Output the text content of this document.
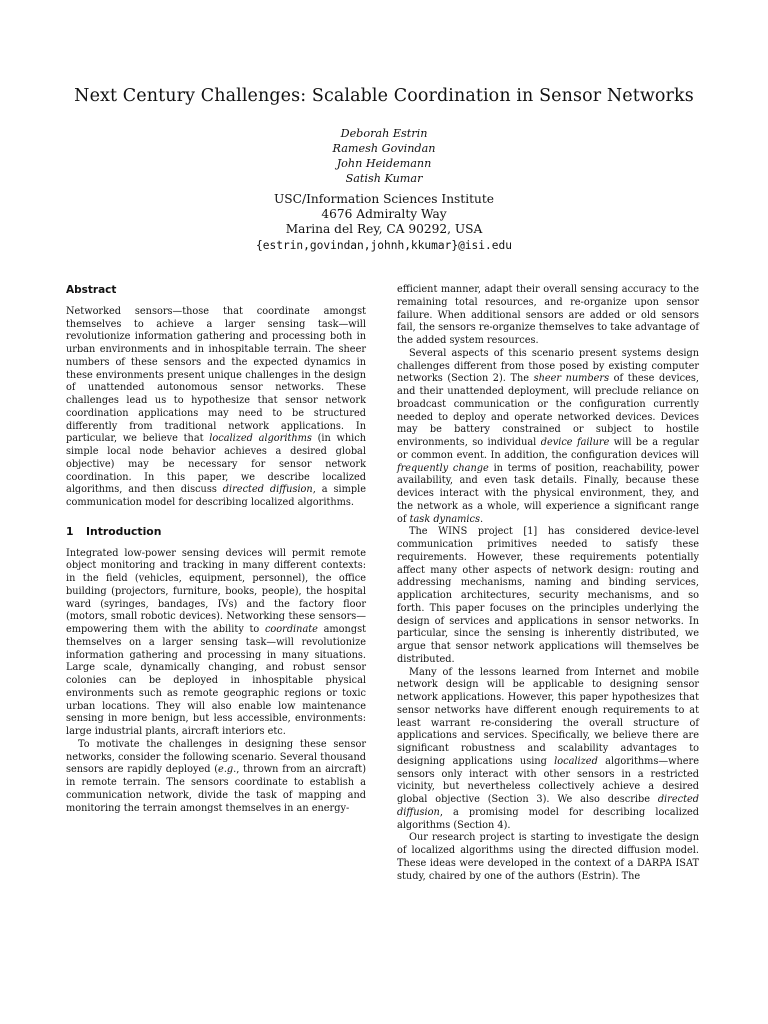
Next Century Challenges: Scalable Coordination in Sensor Networks
Deborah Estrin
Ramesh Govindan
John Heidemann
Satish Kumar
USC/Information Sciences Institute
4676 Admiralty Way
Marina del Rey, CA 90292, USA
{estrin,govindan,johnh,kkumar}@isi.edu
Abstract

Networked sensors—those that coordinate amongst themselves to achieve a larger sensing task—will revolutionize information gathering and processing both in urban environments and in inhospitable terrain. The sheer numbers of these sensors and the expected dynamics in these environments present unique challenges in the design of unattended autonomous sensor networks. These challenges lead us to hypothesize that sensor network coordination applications may need to be structured differently from traditional network applications. In particular, we believe that localized algorithms (in which simple local node behavior achieves a desired global objective) may be necessary for sensor network coordination. In this paper, we describe localized algorithms, and then discuss directed diffusion, a simple communication model for describing localized algorithms.

1 Introduction

Integrated low-power sensing devices will permit remote object monitoring and tracking in many different contexts: in the field (vehicles, equipment, personnel), the office building (projectors, furniture, books, people), the hospital ward (syringes, bandages, IVs) and the factory floor (motors, small robotic devices). Networking these sensors—empowering them with the ability to coordinate amongst themselves on a larger sensing task—will revolutionize information gathering and processing in many situations. Large scale, dynamically changing, and robust sensor colonies can be deployed in inhospitable physical environments such as remote geographic regions or toxic urban locations. They will also enable low maintenance sensing in more benign, but less accessible, environments: large industrial plants, aircraft interiors etc.

To motivate the challenges in designing these sensor networks, consider the following scenario. Several thousand sensors are rapidly deployed (e.g., thrown from an aircraft) in remote terrain. The sensors coordinate to establish a communication network, divide the task of mapping and monitoring the terrain amongst themselves in an energy-

efficient manner, adapt their overall sensing accuracy to the remaining total resources, and re-organize upon sensor failure. When additional sensors are added or old sensors fail, the sensors re-organize themselves to take advantage of the added system resources.

Several aspects of this scenario present systems design challenges different from those posed by existing computer networks (Section 2). The sheer numbers of these devices, and their unattended deployment, will preclude reliance on broadcast communication or the configuration currently needed to deploy and operate networked devices. Devices may be battery constrained or subject to hostile environments, so individual device failure will be a regular or common event. In addition, the configuration devices will frequently change in terms of position, reachability, power availability, and even task details. Finally, because these devices interact with the physical environment, they, and the network as a whole, will experience a significant range of task dynamics.

The WINS project [1] has considered device-level communication primitives needed to satisfy these requirements. However, these requirements potentially affect many other aspects of network design: routing and addressing mechanisms, naming and binding services, application architectures, security mechanisms, and so forth. This paper focuses on the principles underlying the design of services and applications in sensor networks. In particular, since the sensing is inherently distributed, we argue that sensor network applications will themselves be distributed.

Many of the lessons learned from Internet and mobile network design will be applicable to designing sensor network applications. However, this paper hypothesizes that sensor networks have different enough requirements to at least warrant re-considering the overall structure of applications and services. Specifically, we believe there are significant robustness and scalability advantages to designing applications using localized algorithms—where sensors only interact with other sensors in a restricted vicinity, but nevertheless collectively achieve a desired global objective (Section 3). We also describe directed diffusion, a promising model for describing localized algorithms (Section 4).

Our research project is starting to investigate the design of localized algorithms using the directed diffusion model. These ideas were developed in the context of a DARPA ISAT study, chaired by one of the authors (Estrin). The
